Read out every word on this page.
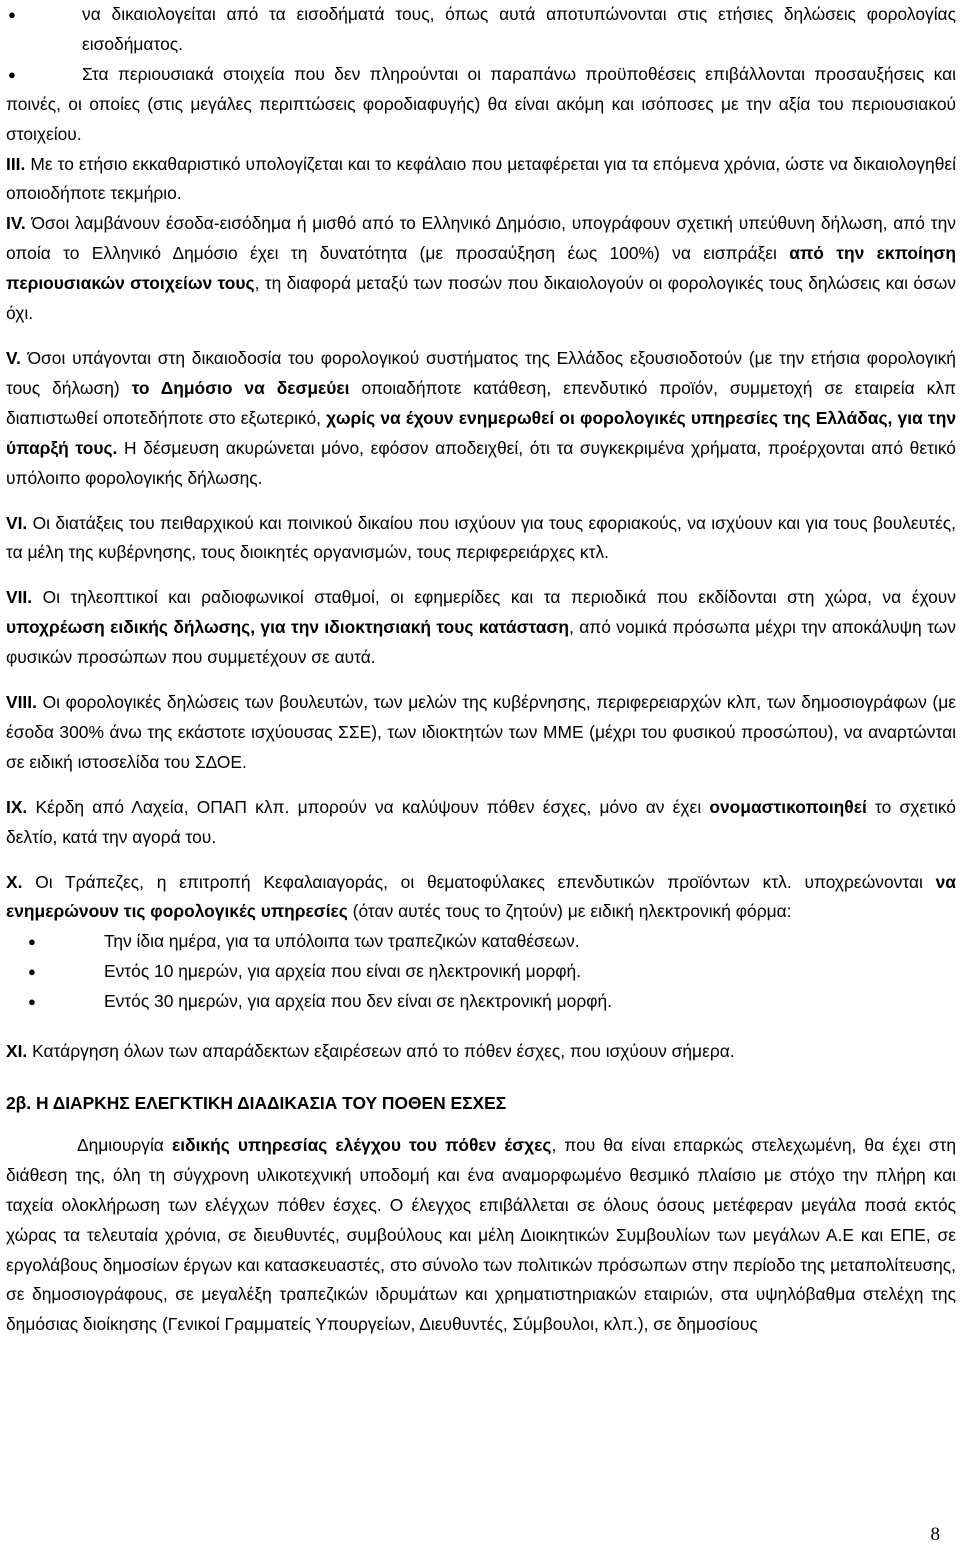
●	να δικαιολογείται από τα εισοδήματά τους, όπως αυτά αποτυπώνονται στις ετήσιες δηλώσεις φορολογίας εισοδήματος.

●	Στα περιουσιακά στοιχεία που δεν πληρούνται οι παραπάνω προϋποθέσεις επιβάλλονται προσαυξήσεις και ποινές, οι οποίες (στις μεγάλες περιπτώσεις φοροδιαφυγής) θα είναι ακόμη και ισόποσες με την αξία του περιουσιακού στοιχείου.

III. Με το ετήσιο εκκαθαριστικό υπολογίζεται και το κεφάλαιο που μεταφέρεται για τα επόμενα χρόνια, ώστε να δικαιολογηθεί οποιοδήποτε τεκμήριο.

IV. Όσοι λαμβάνουν έσοδα-εισόδημα ή μισθό από το Ελληνικό Δημόσιο, υπογράφουν σχετική υπεύθυνη δήλωση, από την οποία το Ελληνικό Δημόσιο έχει τη δυνατότητα (με προσαύξηση έως 100%) να εισπράξει από την εκποίηση περιουσιακών στοιχείων τους, τη διαφορά μεταξύ των ποσών που δικαιολογούν οι φορολογικές τους δηλώσεις και όσων όχι.

V. Όσοι υπάγονται στη δικαιοδοσία του φορολογικού συστήματος της Ελλάδος εξουσιοδοτούν (με την ετήσια φορολογική τους δήλωση) το Δημόσιο να δεσμεύει οποιαδήποτε κατάθεση, επενδυτικό προϊόν, συμμετοχή σε εταιρεία κλπ διαπιστωθεί οποτεδήποτε στο εξωτερικό, χωρίς να έχουν ενημερωθεί οι φορολογικές υπηρεσίες της Ελλάδας, για την ύπαρξή τους. Η δέσμευση ακυρώνεται μόνο, εφόσον αποδειχθεί, ότι τα συγκεκριμένα χρήματα, προέρχονται από θετικό υπόλοιπο φορολογικής δήλωσης.

VI. Οι διατάξεις του πειθαρχικού και ποινικού δικαίου που ισχύουν για τους εφοριακούς, να ισχύουν και για τους βουλευτές, τα μέλη της κυβέρνησης, τους διοικητές οργανισμών, τους περιφερειάρχες κτλ.

VII. Οι τηλεοπτικοί και ραδιοφωνικοί σταθμοί, οι εφημερίδες και τα περιοδικά που εκδίδονται στη χώρα, να έχουν υποχρέωση ειδικής δήλωσης, για την ιδιοκτησιακή τους κατάσταση, από νομικά πρόσωπα μέχρι την αποκάλυψη των φυσικών προσώπων που συμμετέχουν σε αυτά.

VIII. Οι φορολογικές δηλώσεις των βουλευτών, των μελών της κυβέρνησης, περιφερειαρχών κλπ, των δημοσιογράφων (με έσοδα 300% άνω της εκάστοτε ισχύουσας ΣΣΕ), των ιδιοκτητών των ΜΜΕ (μέχρι του φυσικού προσώπου), να αναρτώνται σε ειδική ιστοσελίδα του ΣΔΟΕ.

IX. Κέρδη από Λαχεία, ΟΠΑΠ κλπ. μπορούν να καλύψουν πόθεν έσχες, μόνο αν έχει ονομαστικοποιηθεί το σχετικό δελτίο, κατά την αγορά του.

X. Οι Τράπεζες, η επιτροπή Κεφαλαιαγοράς, οι θεματοφύλακες επενδυτικών προϊόντων κτλ. υποχρεώνονται να ενημερώνουν τις φορολογικές υπηρεσίες (όταν αυτές τους το ζητούν) με ειδική ηλεκτρονική φόρμα:

●	Την ίδια ημέρα, για τα υπόλοιπα των τραπεζικών καταθέσεων.

●	Εντός 10 ημερών, για αρχεία που είναι σε ηλεκτρονική μορφή.

●	Εντός 30 ημερών, για αρχεία που δεν είναι σε ηλεκτρονική μορφή.

XI. Κατάργηση όλων των απαράδεκτων εξαιρέσεων από το πόθεν έσχες, που ισχύουν σήμερα.

2β. Η ΔΙΑΡΚΗΣ ΕΛΕΓΚΤΙΚΗ ΔΙΑΔΙΚΑΣΙΑ ΤΟΥ ΠΟΘΕΝ ΕΣΧΕΣ

Δημιουργία ειδικής υπηρεσίας ελέγχου του πόθεν έσχες, που θα είναι επαρκώς στελεχωμένη, θα έχει στη διάθεση της, όλη τη σύγχρονη υλικοτεχνική υποδομή και ένα αναμορφωμένο θεσμικό πλαίσιο με στόχο την πλήρη και ταχεία ολοκλήρωση των ελέγχων πόθεν έσχες. Ο έλεγχος επιβάλλεται σε όλους όσους μετέφεραν μεγάλα ποσά εκτός χώρας τα τελευταία χρόνια, σε διευθυντές, συμβούλους και μέλη Διοικητικών Συμβουλίων των μεγάλων Α.Ε και ΕΠΕ, σε εργολάβους δημοσίων έργων και κατασκευαστές, στο σύνολο των πολιτικών πρόσωπων στην περίοδο της μεταπολίτευσης, σε δημοσιογράφους, σε μεγαλέξη τραπεζικών ιδρυμάτων και χρηματιστηριακών εταιριών, στα υψηλόβαθμα στελέχη της δημόσιας διοίκησης (Γενικοί Γραμματείς Υπουργείων, Διευθυντές, Σύμβουλοι, κλπ.), σε δημοσίους

8
